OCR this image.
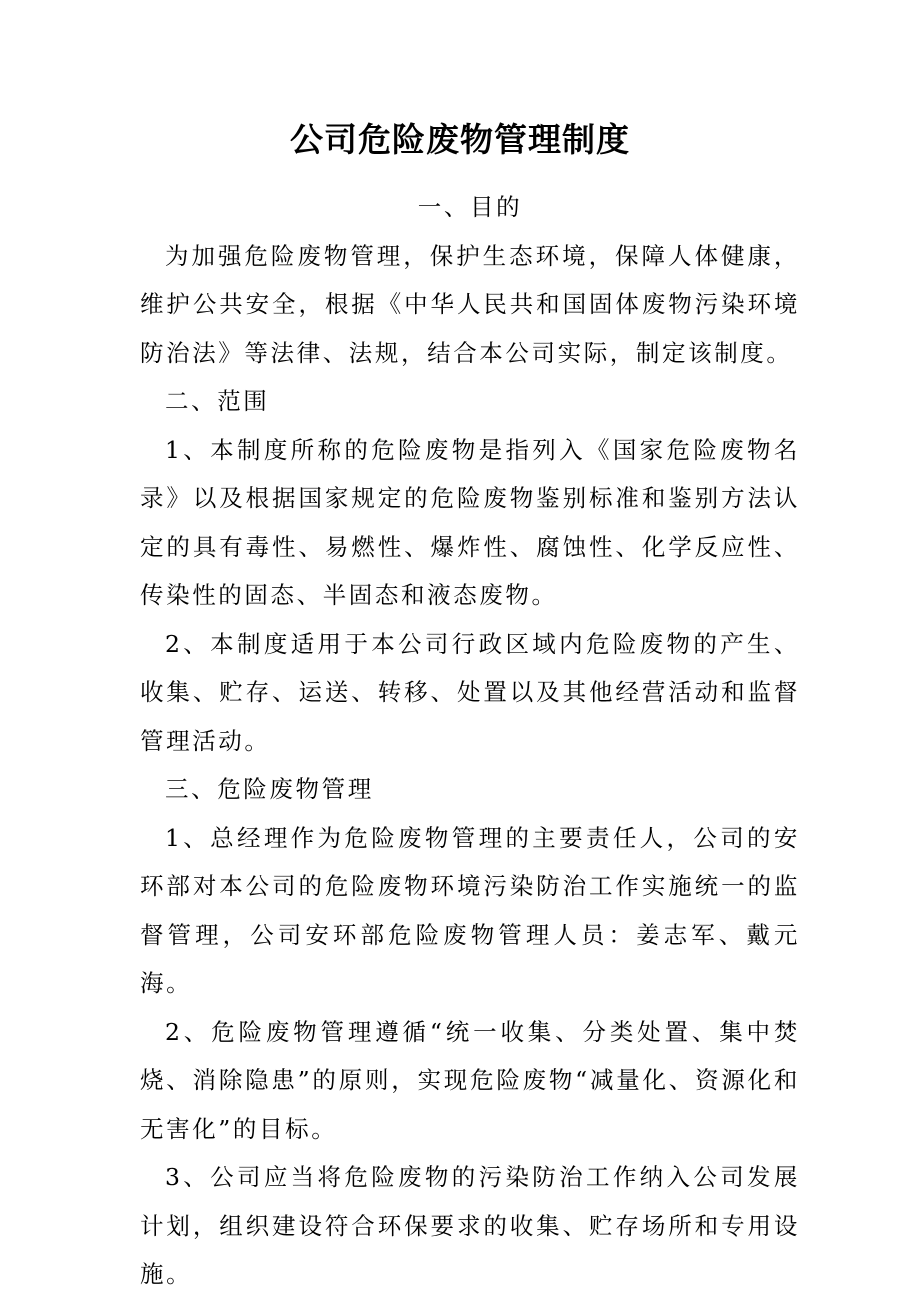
公司危险废物管理制度

一、目的

为加强危险废物管理，保护生态环境，保障人体健康，维护公共安全，根据《中华人民共和国固体废物污染环境防治法》等法律、法规，结合本公司实际，制定该制度。

二、范围

1、本制度所称的危险废物是指列入《国家危险废物名录》以及根据国家规定的危险废物鉴别标准和鉴别方法认定的具有毒性、易燃性、爆炸性、腐蚀性、化学反应性、传染性的固态、半固态和液态废物。

2、本制度适用于本公司行政区域内危险废物的产生、收集、贮存、运送、转移、处置以及其他经营活动和监督管理活动。

三、危险废物管理

1、总经理作为危险废物管理的主要责任人，公司的安环部对本公司的危险废物环境污染防治工作实施统一的监督管理，公司安环部危险废物管理人员：姜志军、戴元海。

2、危险废物管理遵循“统一收集、分类处置、集中焚烧、消除隐患”的原则，实现危险废物“减量化、资源化和无害化”的目标。

3、公司应当将危险废物的污染防治工作纳入公司发展计划，组织建设符合环保要求的收集、贮存场所和专用设施。
